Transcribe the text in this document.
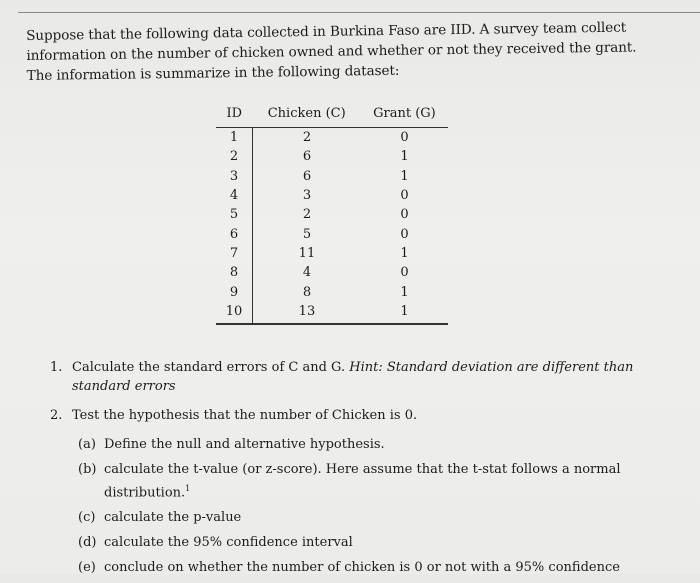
Suppose that the following data collected in Burkina Faso are IID. A survey team collect

information on the number of chicken owned and whether or not they received the grant.

The information is summarize in the following dataset:

ID	Chicken (C)	Grant (G)
1	2	0
2	6	1
3	6	1
4	3	0
5	2	0
6	5	0
7	11	1
8	4	0
9	8	1
10	13	1
1. Calculate the standard errors of C and G. Hint: Standard deviation are different than standard errors
2. Test the hypothesis that the number of Chicken is 0.
(a) Define the null and alternative hypothesis.
(b) calculate the t-value (or z-score). Here assume that the t-stat follows a normal distribution.$^1$
(c) calculate the p-value
(d) calculate the 95% confidence interval
(e) conclude on whether the number of chicken is 0 or not with a 95% confidence
